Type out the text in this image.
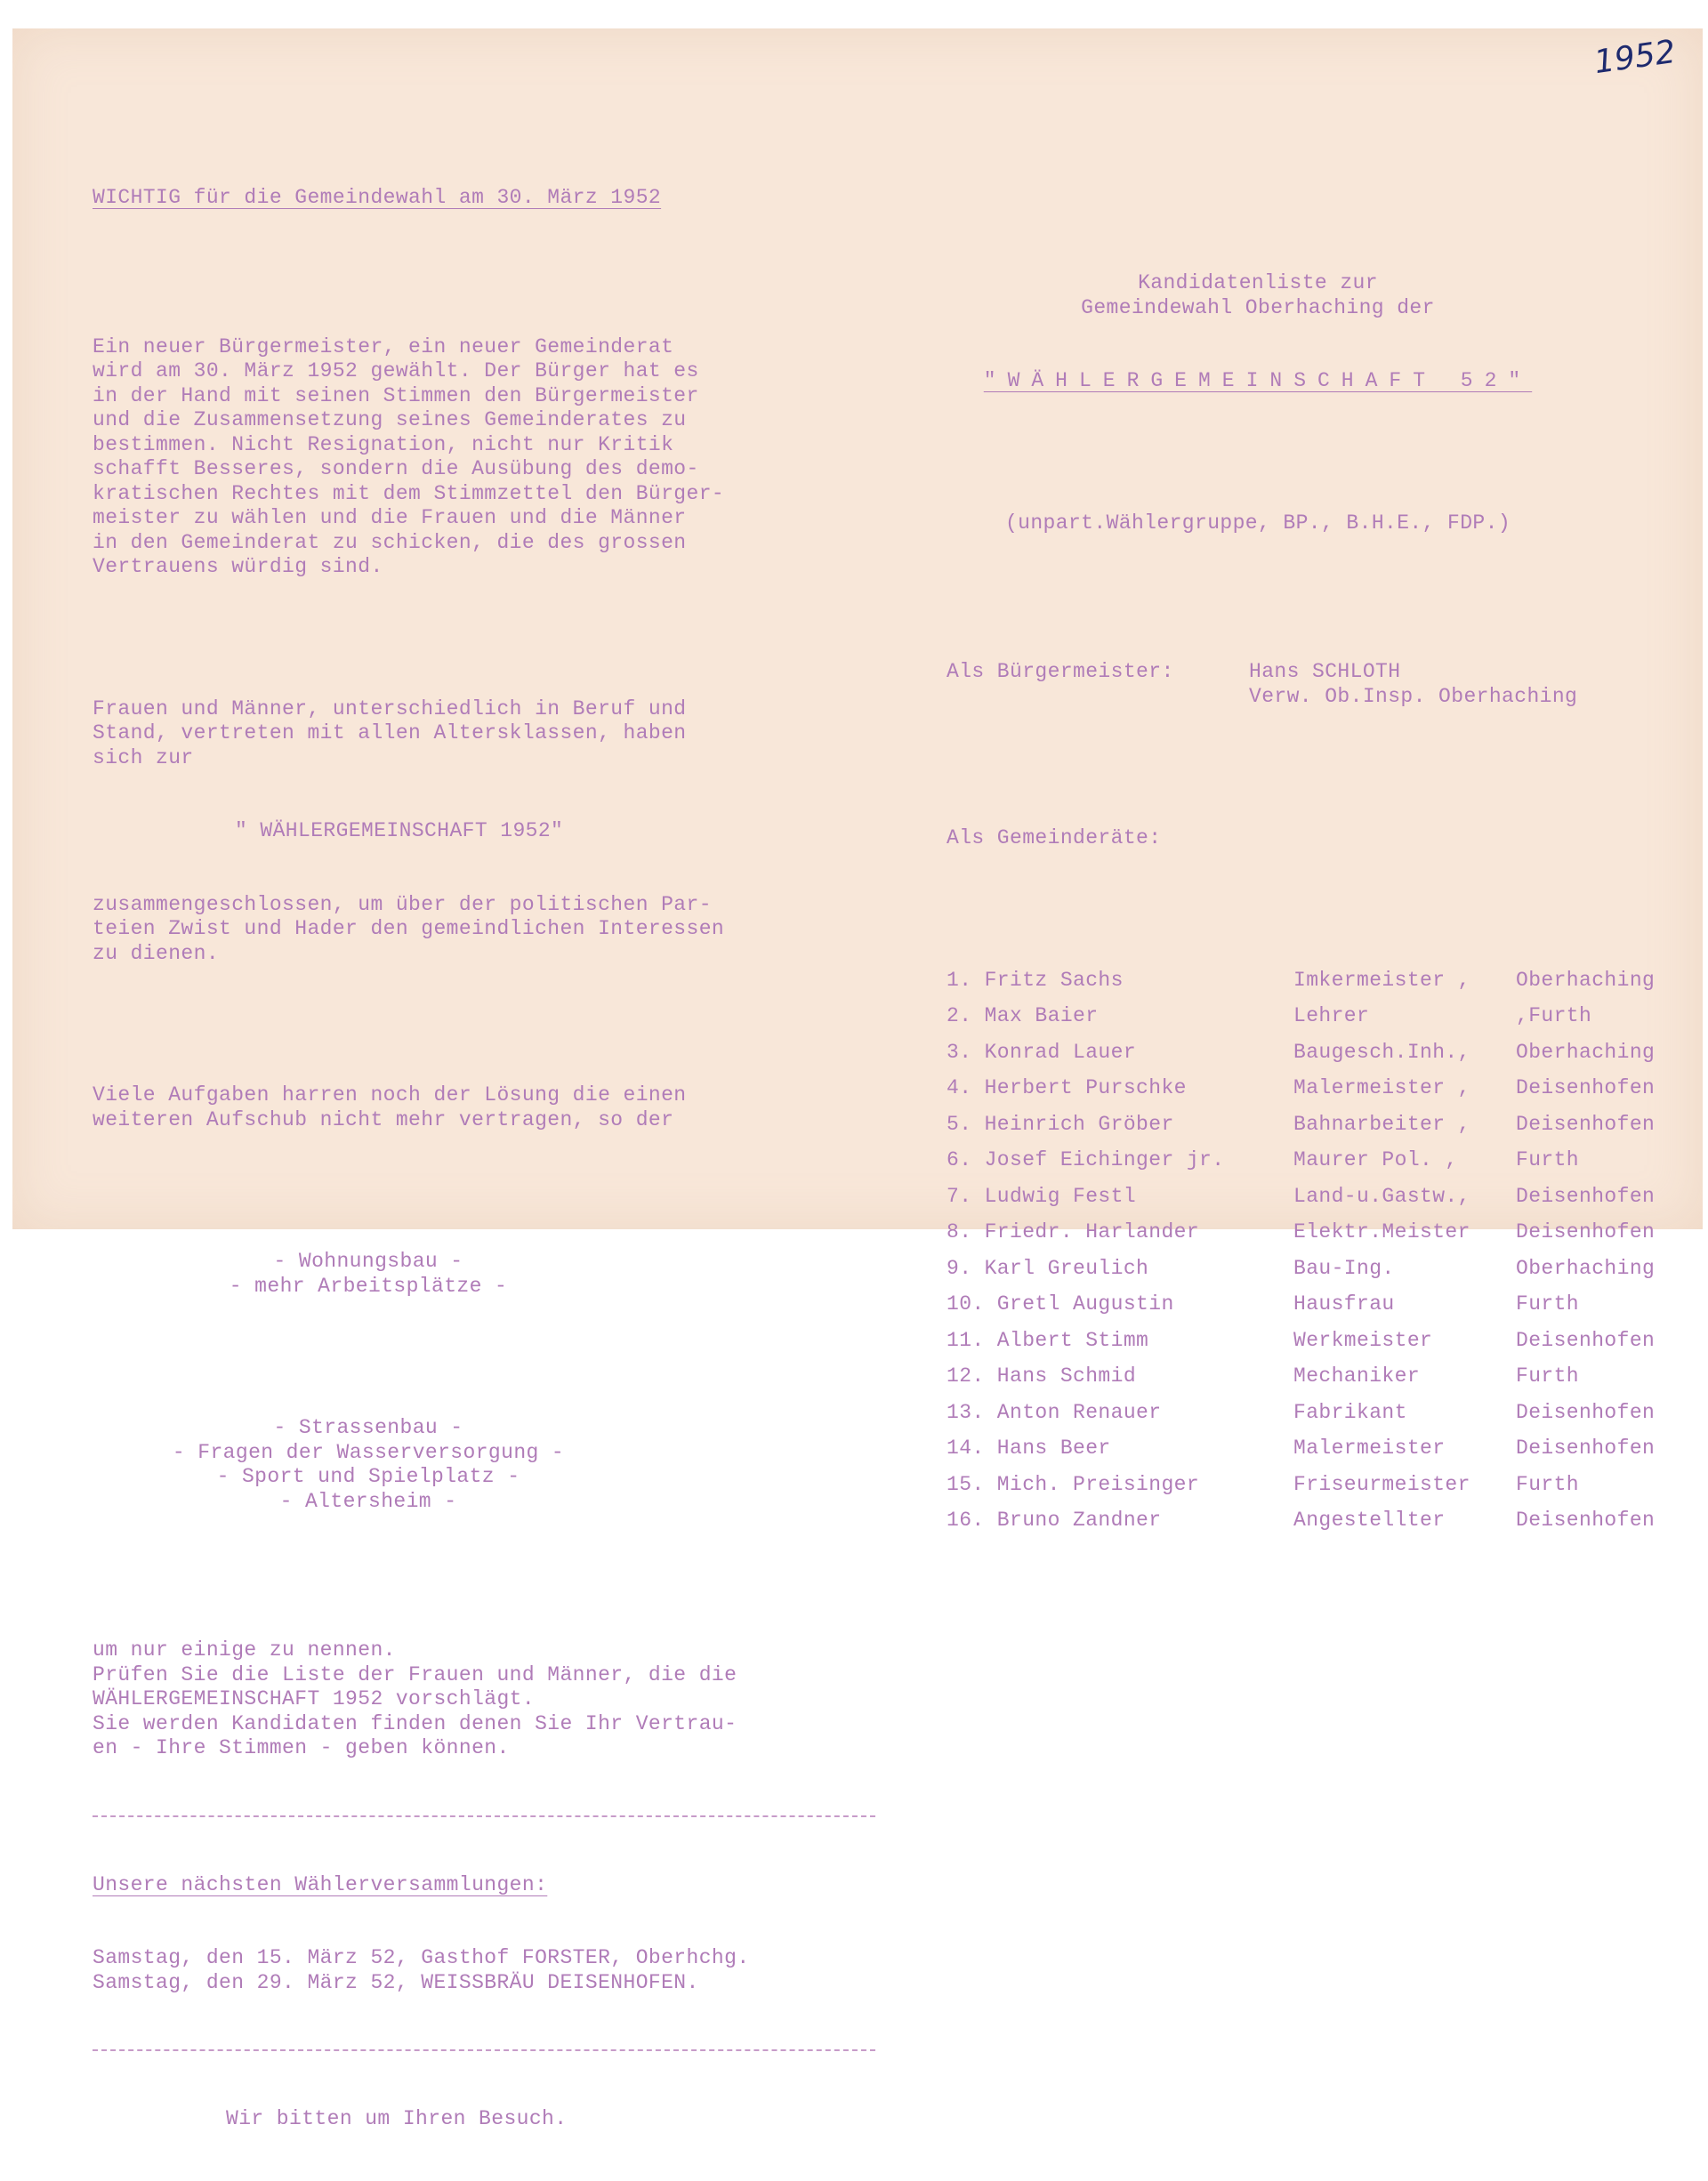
1952

WICHTIG für die Gemeindewahl am 30. März 1952

Ein neuer Bürgermeister, ein neuer Gemeinderat
wird am 30. März 1952 gewählt. Der Bürger hat es
in der Hand mit seinen Stimmen den Bürgermeister
und die Zusammensetzung seines Gemeinderates zu
bestimmen. Nicht Resignation, nicht nur Kritik
schafft Besseres, sondern die Ausübung des demo-
kratischen Rechtes mit dem Stimmzettel den Bürger-
meister zu wählen und die Frauen und die Männer
in den Gemeinderat zu schicken, die des grossen
Vertrauens würdig sind.

Frauen und Männer, unterschiedlich in Beruf und
Stand, vertreten mit allen Altersklassen, haben
sich zur

" WÄHLERGEMEINSCHAFT 1952"

zusammengeschlossen, um über der politischen Par-
teien Zwist und Hader den gemeindlichen Interessen
zu dienen.

Viele Aufgaben harren noch der Lösung die einen
weiteren Aufschub nicht mehr vertragen, so der

- Wohnungsbau -
- mehr Arbeitsplätze -

- Strassenbau -
- Fragen der Wasserversorgung -
- Sport und Spielplatz -
- Altersheim -

um nur einige zu nennen.
Prüfen Sie die Liste der Frauen und Männer, die die
WÄHLERGEMEINSCHAFT 1952 vorschlägt.
Sie werden Kandidaten finden denen Sie Ihr Vertrau-
en - Ihre Stimmen - geben können.

Unsere nächsten Wählerversammlungen:

Samstag, den 15. März 52, Gasthof FORSTER, Oberhchg.
Samstag, den 29. März 52, WEISSBRÄU DEISENHOFEN.

Wir bitten um Ihren Besuch.

Kandidatenliste zur
Gemeindewahl Oberhaching der

"WÄHLERGEMEINSCHAFT 52"

(unpart.Wählergruppe, BP., B.H.E., FDP.)

Als Bürgermeister:	Hans SCHLOTH
Verw. Ob.Insp. Oberhaching

Als Gemeinderäte:

1. Fritz Sachs	Imkermeister ,	Oberhaching
2. Max Baier	Lehrer	,Furth
3. Konrad Lauer	Baugesch.Inh.,	Oberhaching
4. Herbert Purschke	Malermeister ,	Deisenhofen
5. Heinrich Gröber	Bahnarbeiter ,	Deisenhofen
6. Josef Eichinger jr.	Maurer Pol. ,	Furth
7. Ludwig Festl	Land-u.Gastw.,	Deisenhofen
8. Friedr. Harlander	Elektr.Meister	Deisenhofen
9. Karl Greulich	Bau-Ing.	Oberhaching
10. Gretl Augustin	Hausfrau	Furth
11. Albert Stimm	Werkmeister	Deisenhofen
12. Hans Schmid	Mechaniker	Furth
13. Anton Renauer	Fabrikant	Deisenhofen
14. Hans Beer	Malermeister	Deisenhofen
15. Mich. Preisinger	Friseurmeister	Furth
16. Bruno Zandner	Angestellter	Deisenhofen
